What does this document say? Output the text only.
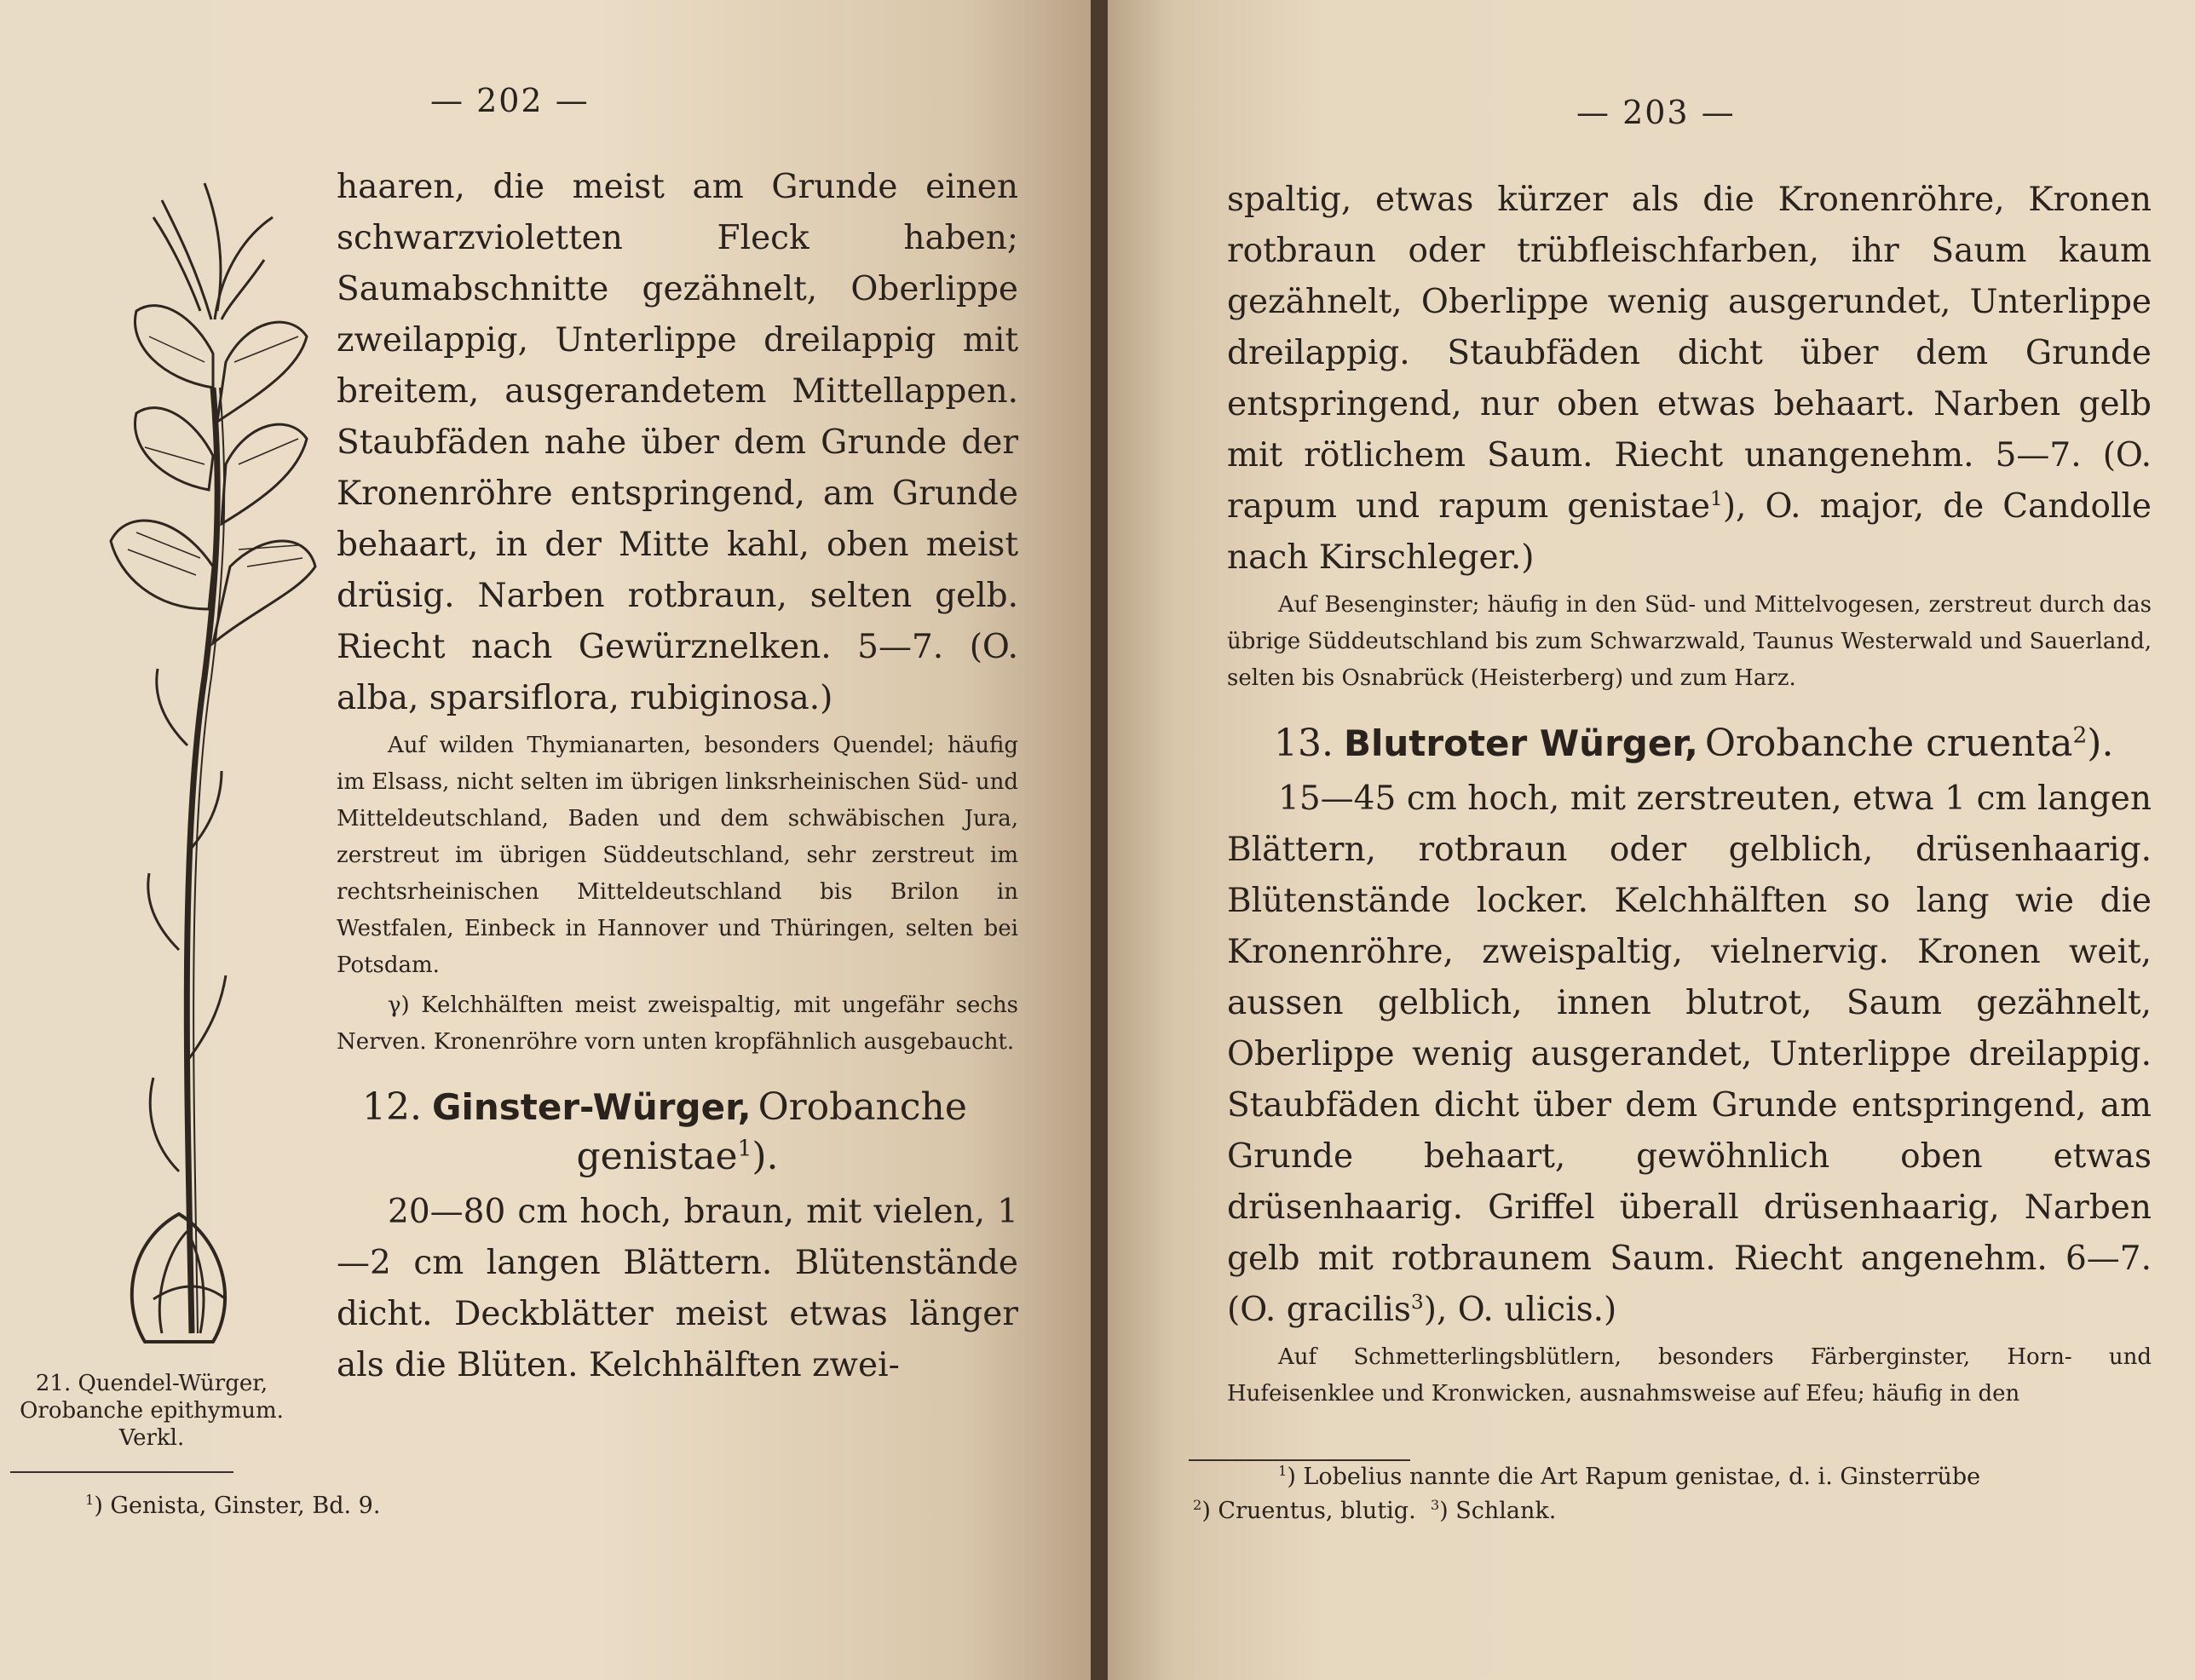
— 202 —
21. Quendel-Würger, Orobanche epithymum. Verkl.

haaren, die meist am Grunde einen schwarzvioletten Fleck haben; Saumabschnitte gezähnelt, Oberlippe zweilappig, Unterlippe dreilappig mit breitem, ausgerandetem Mittellappen. Staubfäden nahe über dem Grunde der Kronenröhre entspringend, am Grunde behaart, in der Mitte kahl, oben meist drüsig. Narben rotbraun, selten gelb. Riecht nach Gewürznelken. 5—7. (O. alba, sparsiflora, rubiginosa.)

Auf wilden Thymianarten, besonders Quendel; häufig im Elsass, nicht selten im übrigen linksrheinischen Süd- und Mitteldeutschland, Baden und dem schwäbischen Jura, zerstreut im übrigen Süddeutschland, sehr zerstreut im rechtsrheinischen Mitteldeutschland bis Brilon in Westfalen, Einbeck in Hannover und Thüringen, selten bei Potsdam.

γ) Kelchhälften meist zweispaltig, mit ungefähr sechs Nerven. Kronenröhre vorn unten kropfähnlich ausgebaucht.

12. Ginster-Würger, Orobanche

genistae$^1$).

20—80 cm hoch, braun, mit vielen, 1—2 cm langen Blättern. Blütenstände dicht. Deckblätter meist etwas länger als die Blüten. Kelchhälften zwei-

$^1$) Genista, Ginster, Bd. 9.
— 203 —

spaltig, etwas kürzer als die Kronenröhre, Kronen rotbraun oder trübfleischfarben, ihr Saum kaum gezähnelt, Oberlippe wenig ausgerundet, Unterlippe dreilappig. Staubfäden dicht über dem Grunde entspringend, nur oben etwas behaart. Narben gelb mit rötlichem Saum. Riecht unangenehm. 5—7. (O. rapum und rapum genistae$^1$), O. major, de Candolle nach Kirschleger.)

Auf Besenginster; häufig in den Süd- und Mittelvogesen, zerstreut durch das übrige Süddeutschland bis zum Schwarzwald, Taunus Westerwald und Sauerland, selten bis Osnabrück (Heisterberg) und zum Harz.

13. Blutroter Würger, Orobanche cruenta$^2$).

15—45 cm hoch, mit zerstreuten, etwa 1 cm langen Blättern, rotbraun oder gelblich, drüsenhaarig. Blütenstände locker. Kelchhälften so lang wie die Kronenröhre, zweispaltig, vielnervig. Kronen weit, aussen gelblich, innen blutrot, Saum gezähnelt, Oberlippe wenig ausgerandet, Unterlippe dreilappig. Staubfäden dicht über dem Grunde entspringend, am Grunde behaart, gewöhnlich oben etwas drüsenhaarig. Griffel überall drüsenhaarig, Narben gelb mit rotbraunem Saum. Riecht angenehm. 6—7. (O. gracilis$^3$), O. ulicis.)

Auf Schmetterlingsblütlern, besonders Färberginster, Horn- und Hufeisenklee und Kronwicken, ausnahmsweise auf Efeu; häufig in den

$^1$) Lobelius nannte die Art Rapum genistae, d. i. Ginsterrübe
$^2$) Cruentus, blutig. $^3$) Schlank.
